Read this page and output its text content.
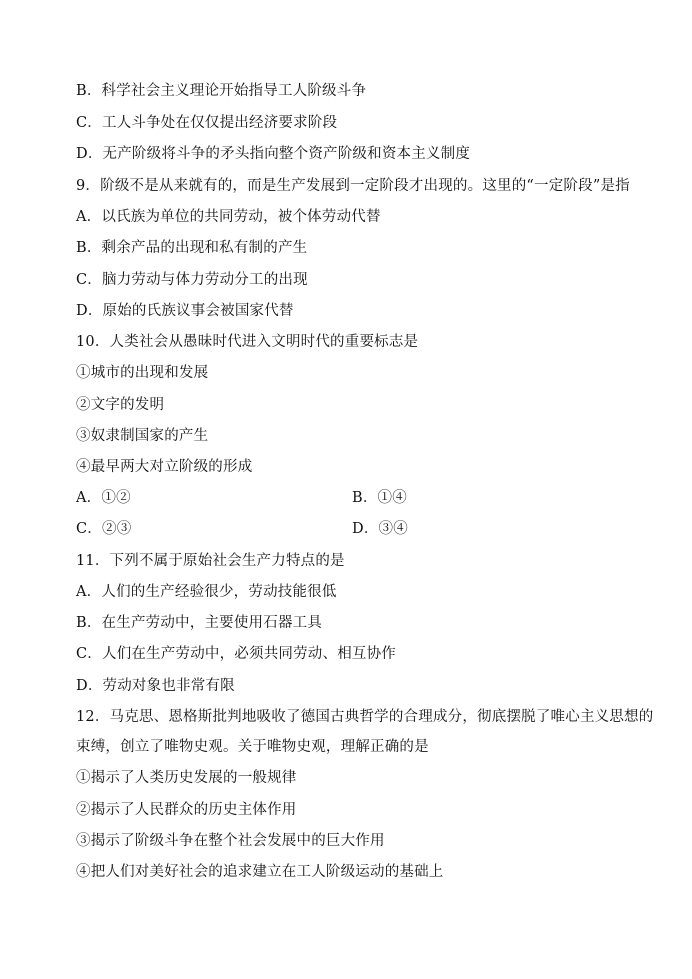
B．科学社会主义理论开始指导工人阶级斗争
C．工人斗争处在仅仅提出经济要求阶段
D．无产阶级将斗争的矛头指向整个资产阶级和资本主义制度
9．阶级不是从来就有的，而是生产发展到一定阶段才出现的。这里的“一定阶段”是指
A．以氏族为单位的共同劳动，被个体劳动代替
B．剩余产品的出现和私有制的产生
C．脑力劳动与体力劳动分工的出现
D．原始的氏族议事会被国家代替
10．人类社会从愚昧时代进入文明时代的重要标志是
①城市的出现和发展
②文字的发明
③奴隶制国家的产生
④最早两大对立阶级的形成
A．①②	B．①④
C．②③	D．③④
11．下列不属于原始社会生产力特点的是
A．人们的生产经验很少，劳动技能很低
B．在生产劳动中，主要使用石器工具
C．人们在生产劳动中，必须共同劳动、相互协作
D．劳动对象也非常有限
12．马克思、恩格斯批判地吸收了德国古典哲学的合理成分，彻底摆脱了唯心主义思想的
束缚，创立了唯物史观。关于唯物史观，理解正确的是
①揭示了人类历史发展的一般规律
②揭示了人民群众的历史主体作用
③揭示了阶级斗争在整个社会发展中的巨大作用
④把人们对美好社会的追求建立在工人阶级运动的基础上
